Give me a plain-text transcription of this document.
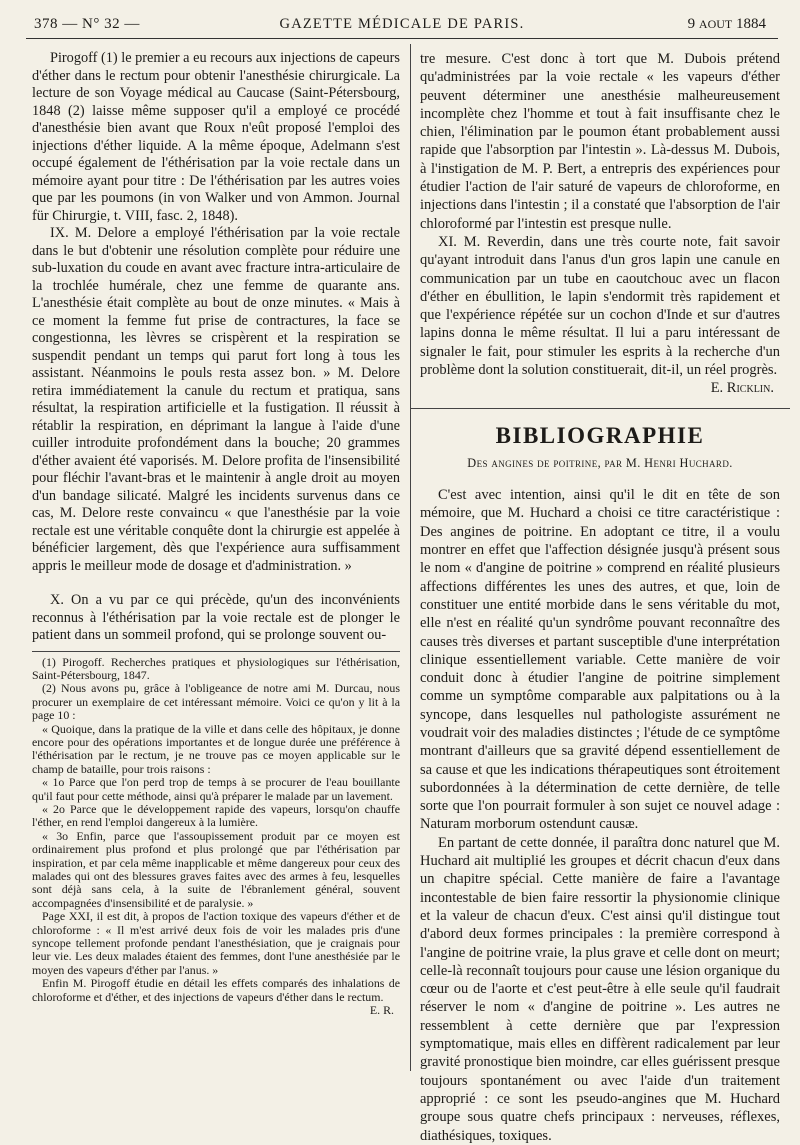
378 — N° 32 —	GAZETTE MÉDICALE DE PARIS.	9 AOUT 1884

Pirogoff (1) le premier a eu recours aux injections de capeurs d'éther dans le rectum pour obtenir l'anesthésie chirurgicale. La lecture de son Voyage médical au Caucase (Saint-Pétersbourg, 1848 (2) laisse même supposer qu'il a employé ce procédé d'anesthésie bien avant que Roux n'eût proposé l'emploi des injections d'éther liquide. A la même époque, Adelmann s'est occupé également de l'éthérisation par la voie rectale dans un mémoire ayant pour titre : De l'éthérisation par les autres voies que par les poumons (in von Walker und von Ammon. Journal für Chirurgie, t. VIII, fasc. 2, 1848).

IX. M. Delore a employé l'éthérisation par la voie rectale dans le but d'obtenir une résolution complète pour réduire une sub-luxation du coude en avant avec fracture intra-articulaire de la trochlée humérale, chez une femme de quarante ans. L'anesthésie était complète au bout de onze minutes. « Mais à ce moment la femme fut prise de contractures, la face se congestionna, les lèvres se crispèrent et la respiration se suspendit pendant un temps qui parut fort long à tous les assistant. Néanmoins le pouls resta assez bon. » M. Delore retira immédiatement la canule du rectum et pratiqua, sans résultat, la respiration artificielle et la fustigation. Il réussit à rétablir la respiration, en déprimant la langue à l'aide d'une cuiller introduite profondément dans la bouche; 20 grammes d'éther avaient été vaporisés. M. Delore profita de l'insensibilité pour fléchir l'avant-bras et le maintenir à angle droit au moyen d'un bandage silicaté. Malgré les incidents survenus dans ce cas, M. Delore reste convaincu « que l'anesthésie par la voie rectale est une véritable conquête dont la chirurgie est appelée à bénéficier largement, dès que l'expérience aura suffisamment appris le meilleur mode de dosage et d'administration. »

X. On a vu par ce qui précède, qu'un des inconvénients reconnus à l'éthérisation par la voie rectale est de plonger le patient dans un sommeil profond, qui se prolonge souvent ou-

(1) Pirogoff. Recherches pratiques et physiologiques sur l'éthérisation, Saint-Pétersbourg, 1847.

(2) Nous avons pu, grâce à l'obligeance de notre ami M. Durcau, nous procurer un exemplaire de cet intéressant mémoire. Voici ce qu'on y lit à la page 10 :

« Quoique, dans la pratique de la ville et dans celle des hôpitaux, je donne encore pour des opérations importantes et de longue durée une préférence à l'éthérisation par le rectum, je ne trouve pas ce moyen applicable sur le champ de bataille, pour trois raisons :

« 1o Parce que l'on perd trop de temps à se procurer de l'eau bouillante qu'il faut pour cette méthode, ainsi qu'à préparer le malade par un lavement.

« 2o Parce que le développement rapide des vapeurs, lorsqu'on chauffe l'éther, en rend l'emploi dangereux à la lumière.

« 3o Enfin, parce que l'assoupissement produit par ce moyen est ordinairement plus profond et plus prolongé que par l'éthérisation par inspiration, et par cela même inapplicable et même dangereux pour ceux des malades qui ont des blessures graves faites avec des armes à feu, lesquelles sont déjà sans cela, à la suite de l'ébranlement général, souvent accompagnées d'insensibilité et de paralysie. »

Page XXI, il est dit, à propos de l'action toxique des vapeurs d'éther et de chloroforme : « Il m'est arrivé deux fois de voir les malades pris d'une syncope tellement profonde pendant l'anesthésiation, que je craignais pour leur vie. Les deux malades étaient des femmes, dont l'une anesthésiée par le moyen des vapeurs d'éther par l'anus. »

Enfin M. Pirogoff étudie en détail les effets comparés des inhalations de chloroforme et d'éther, et des injections de vapeurs d'éther dans le rectum.

E. R.

tre mesure. C'est donc à tort que M. Dubois prétend qu'administrées par la voie rectale « les vapeurs d'éther peuvent déterminer une anesthésie malheureusement incomplète chez l'homme et tout à fait insuffisante chez le chien, l'élimination par le poumon étant probablement aussi rapide que l'absorption par l'intestin ». Là-dessus M. Dubois, à l'instigation de M. P. Bert, a entrepris des expériences pour étudier l'action de l'air saturé de vapeurs de chloroforme, en injections dans l'intestin ; il a constaté que l'absorption de l'air chloroformé par l'intestin est presque nulle.

XI. M. Reverdin, dans une très courte note, fait savoir qu'ayant introduit dans l'anus d'un gros lapin une canule en communication par un tube en caoutchouc avec un flacon d'éther en ébullition, le lapin s'endormit très rapidement et que l'expérience répétée sur un cochon d'Inde et sur d'autres lapins donna le même résultat. Il lui a paru intéressant de signaler le fait, pour stimuler les esprits à la recherche d'un problème dont la solution constituerait, dit-il, un réel progrès.

E. Ricklin.
BIBLIOGRAPHIE
Des angines de poitrine, par M. Henri Huchard.

C'est avec intention, ainsi qu'il le dit en tête de son mémoire, que M. Huchard a choisi ce titre caractéristique : Des angines de poitrine. En adoptant ce titre, il a voulu montrer en effet que l'affection désignée jusqu'à présent sous le nom « d'angine de poitrine » comprend en réalité plusieurs affections différentes les unes des autres, et que, loin de constituer une entité morbide dans le sens véritable du mot, elle n'est en réalité qu'un syndrôme pouvant reconnaître des causes très diverses et partant susceptible d'une interprétation clinique essentiellement variable. Cette manière de voir conduit donc à étudier l'angine de poitrine simplement comme un symptôme comparable aux palpitations ou à la syncope, dans lesquelles nul pathologiste assurément ne voudrait voir des maladies distinctes ; l'étude de ce symptôme montrant d'ailleurs que sa gravité dépend essentiellement de sa cause et que les indications thérapeutiques sont étroitement subordonnées à la détermination de cette dernière, de telle sorte que l'on pourrait formuler à son sujet ce nouvel adage : Naturam morborum ostendunt causæ.

En partant de cette donnée, il paraîtra donc naturel que M. Huchard ait multiplié les groupes et décrit chacun d'eux dans un chapitre spécial. Cette manière de faire a l'avantage incontestable de bien faire ressortir la physionomie clinique et la valeur de chacun d'eux. C'est ainsi qu'il distingue tout d'abord deux formes principales : la première correspond à l'angine de poitrine vraie, la plus grave et celle dont on meurt; celle-là reconnaît toujours pour cause une lésion organique du cœur ou de l'aorte et c'est peut-être à elle seule qu'il faudrait réserver le nom « d'angine de poitrine ». Les autres ne ressemblent à cette dernière que par l'expression symptomatique, mais elles en diffèrent radicalement par leur gravité pronostique bien moindre, car elles guérissent presque toujours spontanément ou avec l'aide d'un traitement approprié : ce sont les pseudo-angines que M. Huchard groupe sous quatre chefs principaux : nerveuses, réflexes, diathésiques, toxiques.
